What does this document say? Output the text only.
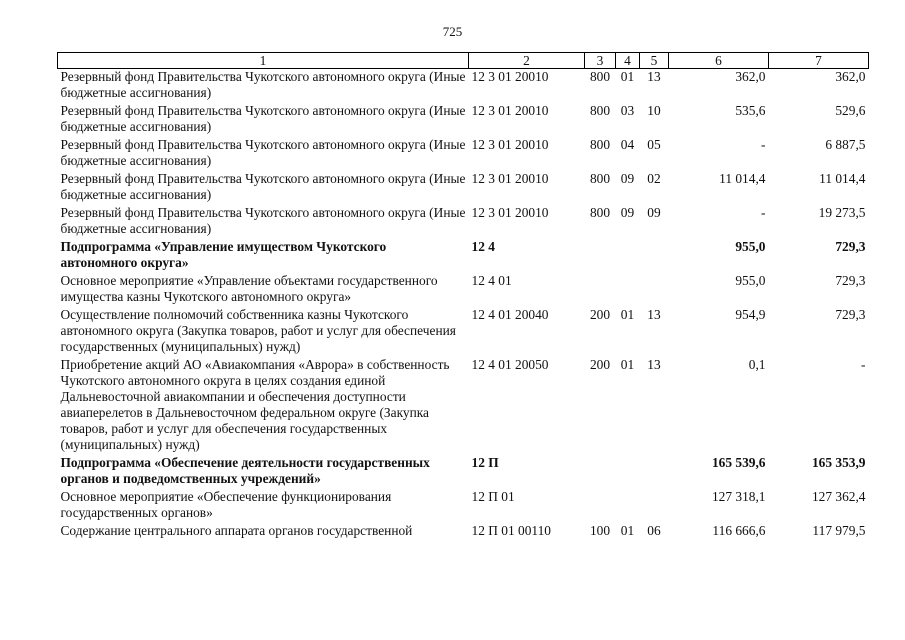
725
1	2	3	4	5	6	7
Резервный фонд Правительства Чукотского автономного округа (Иные бюджетные ассигнования)	12 3 01 20010	800	01	13	362,0	362,0
Резервный фонд Правительства Чукотского автономного округа (Иные бюджетные ассигнования)	12 3 01 20010	800	03	10	535,6	529,6
Резервный фонд Правительства Чукотского автономного округа (Иные бюджетные ассигнования)	12 3 01 20010	800	04	05	-	6 887,5
Резервный фонд Правительства Чукотского автономного округа (Иные бюджетные ассигнования)	12 3 01 20010	800	09	02	11 014,4	11 014,4
Резервный фонд Правительства Чукотского автономного округа (Иные бюджетные ассигнования)	12 3 01 20010	800	09	09	-	19 273,5
Подпрограмма «Управление имуществом Чукотского автономного округа»	12 4				955,0	729,3
Основное мероприятие «Управление объектами государственного имущества казны Чукотского автономного округа»	12 4 01				955,0	729,3
Осуществление полномочий собственника казны Чукотского автономного округа (Закупка товаров, работ и услуг для обеспечения государственных (муниципальных) нужд)	12 4 01 20040	200	01	13	954,9	729,3
Приобретение акций АО «Авиакомпания «Аврора» в собственность Чукотского автономного округа в целях создания единой Дальневосточной авиакомпании и обеспечения доступности авиаперелетов в Дальневосточном федеральном округе (Закупка товаров, работ и услуг для обеспечения государственных (муниципальных) нужд)	12 4 01 20050	200	01	13	0,1	-
Подпрограмма «Обеспечение деятельности государственных органов и подведомственных учреждений»	12 П				165 539,6	165 353,9
Основное мероприятие «Обеспечение функционирования государственных органов»	12 П 01				127 318,1	127 362,4
Содержание центрального аппарата органов государственной	12 П 01 00110	100	01	06	116 666,6	117 979,5
